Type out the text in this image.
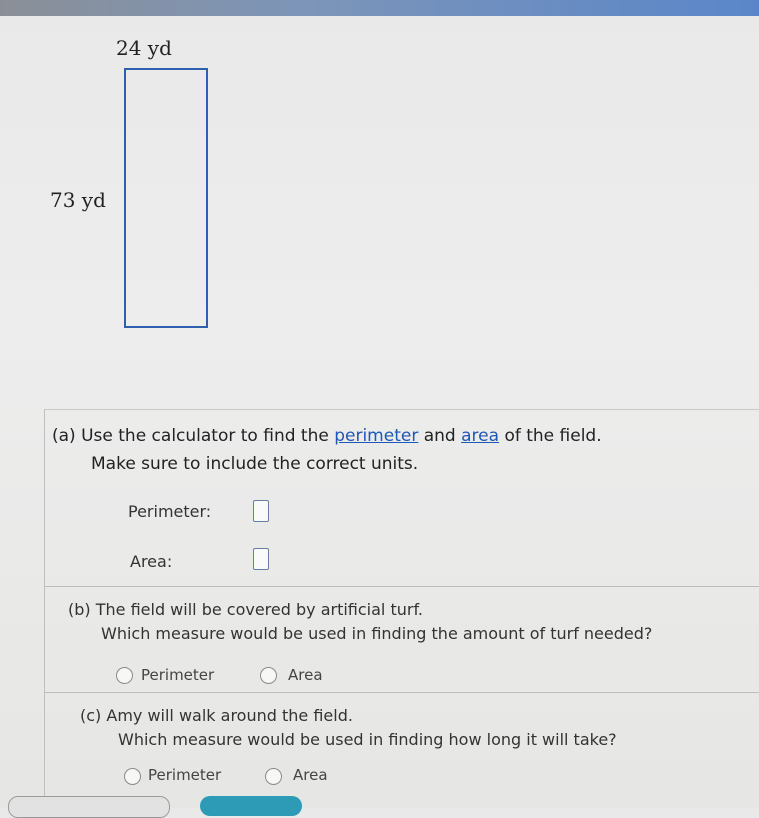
24 yd
73 yd
(a) Use the calculator to find the perimeter and area of the field.
Make sure to include the correct units.
Perimeter:
Area:
(b) The field will be covered by artificial turf.
Which measure would be used in finding the amount of turf needed?
Perimeter	Area
(c) Amy will walk around the field.
Which measure would be used in finding how long it will take?
Perimeter	Area
